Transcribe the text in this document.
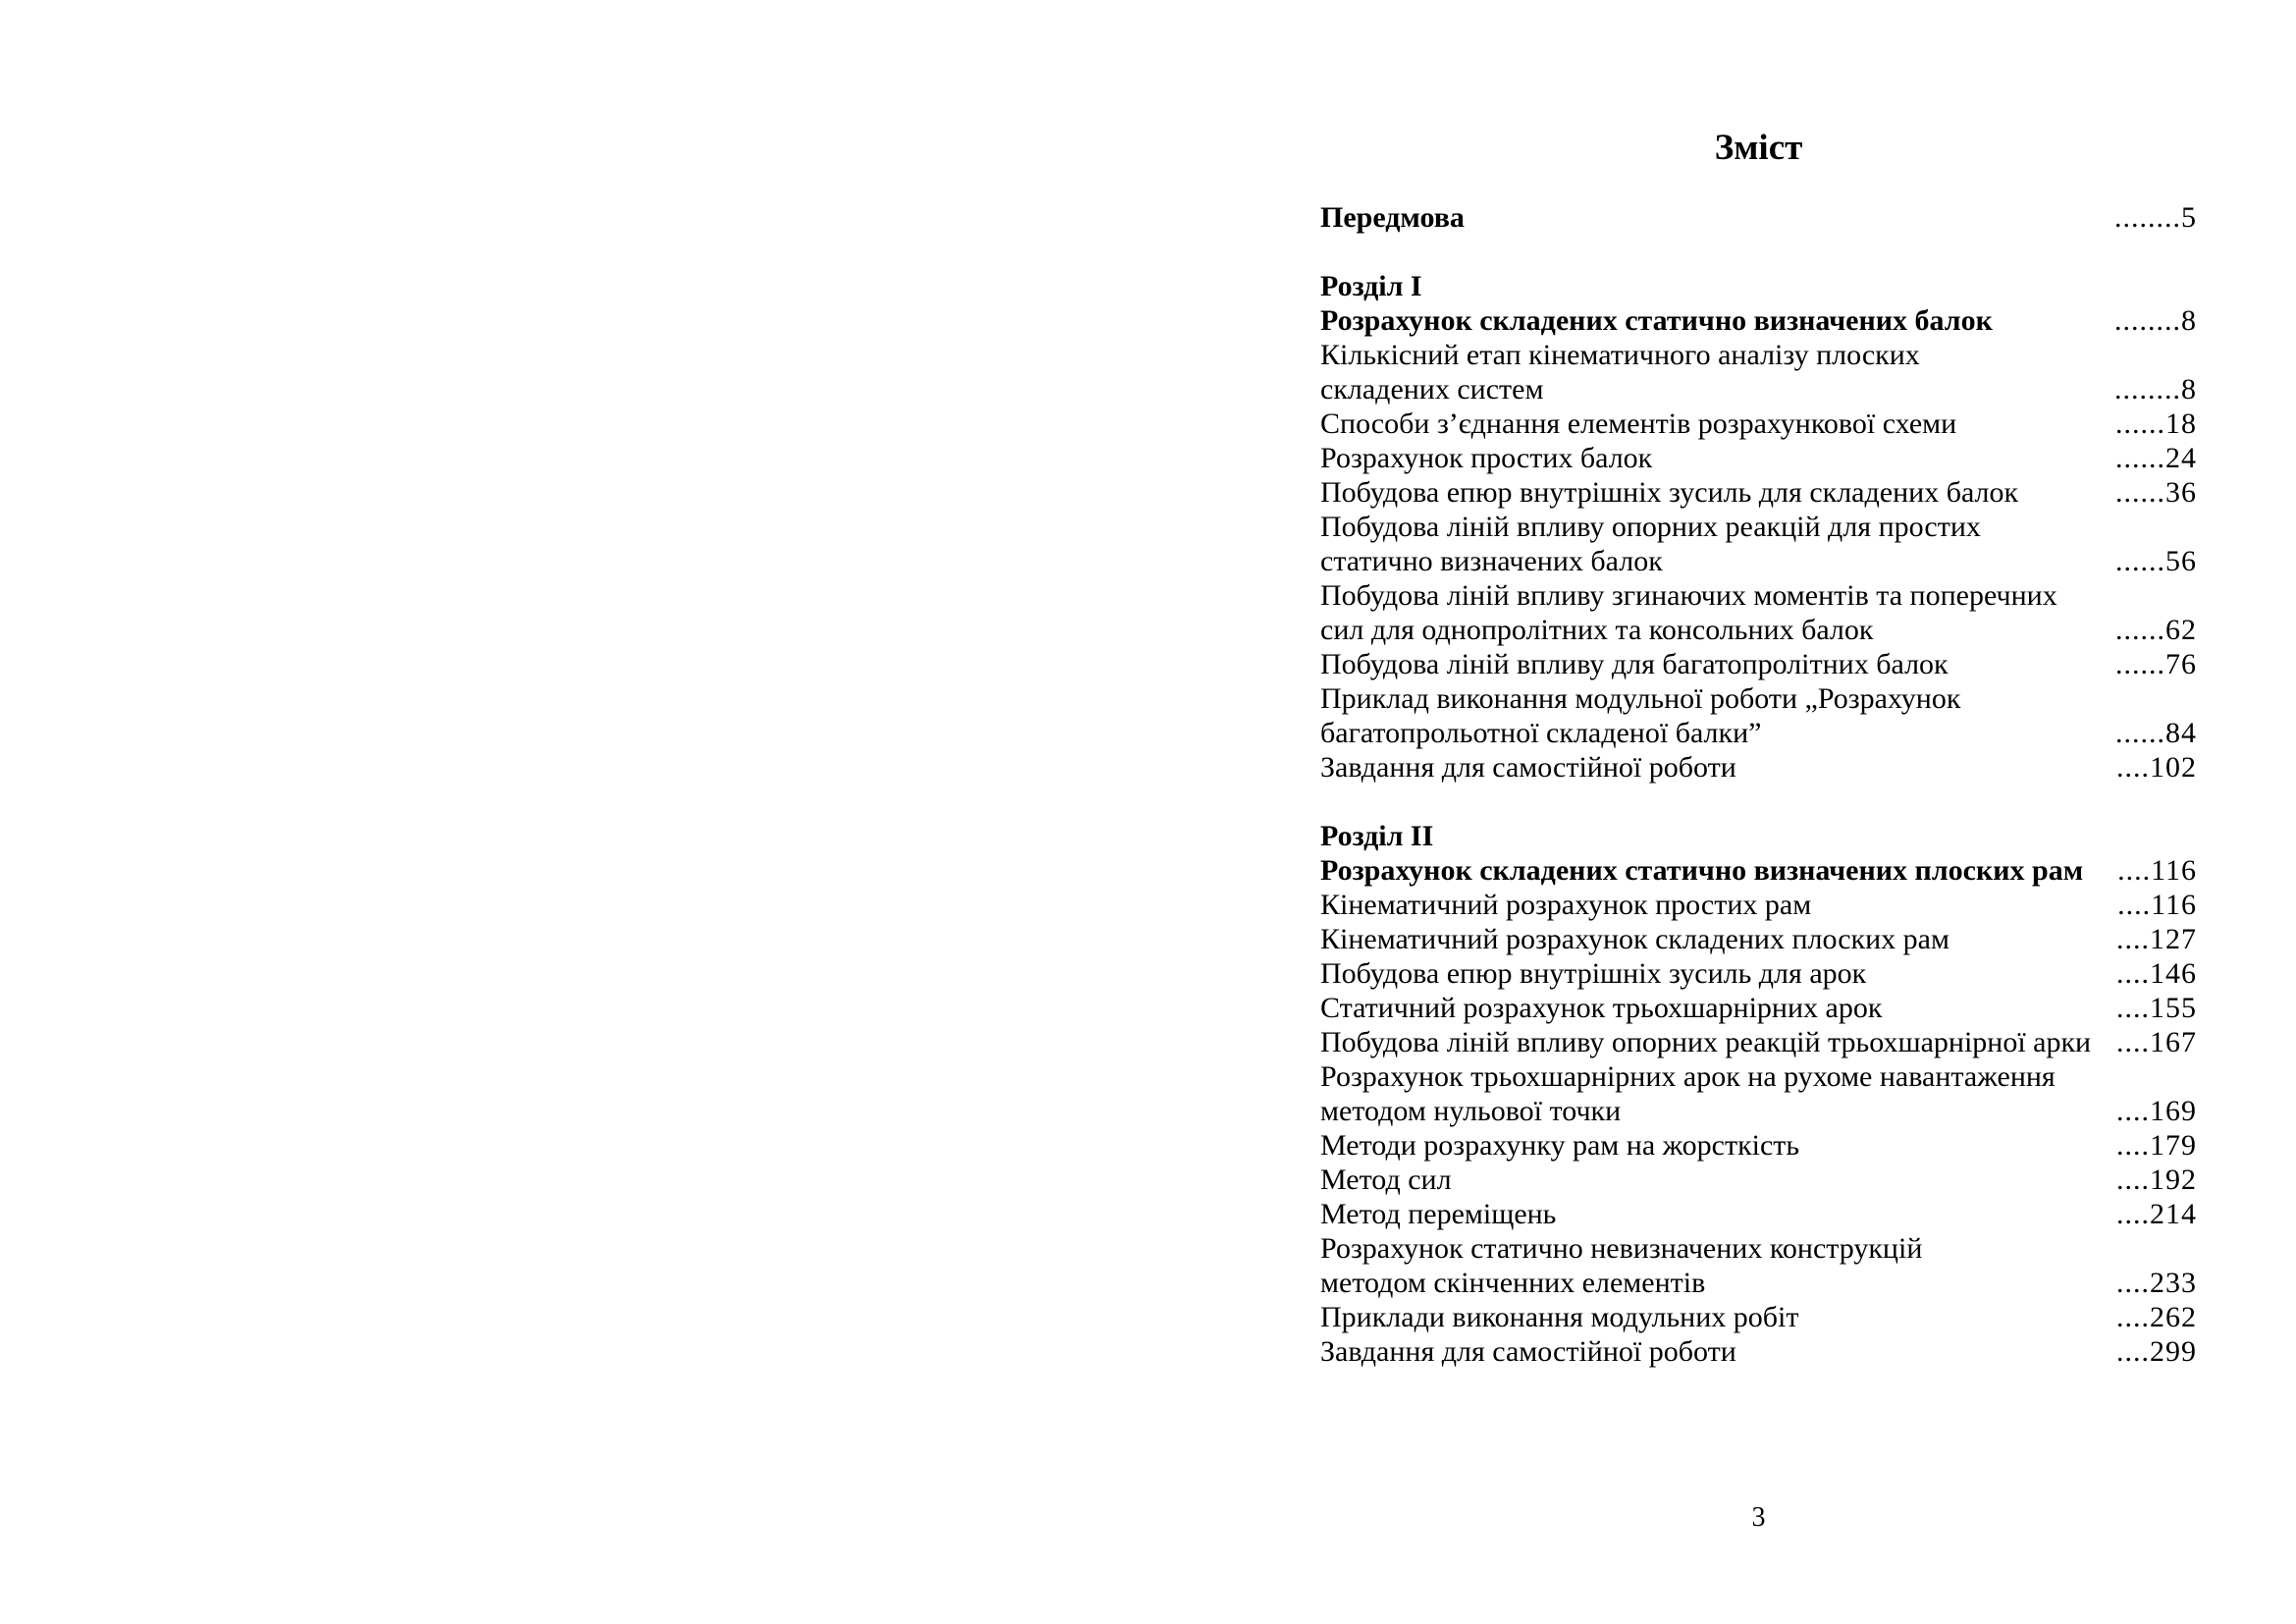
Зміст
Передмова	........5
Розділ I
Розрахунок складених статично визначених балок	........8
Кількісний етап кінематичного аналізу плоских
складених систем	........8
Способи з’єднання елементів розрахункової схеми	......18
Розрахунок простих балок	......24
Побудова епюр внутрішніх зусиль для складених балок	......36
Побудова ліній впливу опорних реакцій для простих
статично визначених балок	......56
Побудова ліній впливу згинаючих моментів та поперечних
сил для однопролітних та консольних балок	......62
Побудова ліній впливу для багатопролітних балок	......76
Приклад виконання модульної роботи „Розрахунок
багатопрольотної складеної балки”	......84
Завдання для самостійної роботи	....102
Розділ II
Розрахунок складених статично визначених плоских рам ....116
Кінематичний розрахунок простих рам	....116
Кінематичний розрахунок складених плоских рам	....127
Побудова епюр внутрішніх зусиль для арок	....146
Статичний розрахунок трьохшарнірних арок	....155
Побудова ліній впливу опорних реакцій трьохшарнірної арки ....167
Розрахунок трьохшарнірних арок на рухоме навантаження
методом нульової точки	....169
Методи розрахунку рам на жорсткість	....179
Метод сил	....192
Метод переміщень	....214
Розрахунок статично невизначених конструкцій
методом скінченних елементів	....233
Приклади виконання модульних робіт	....262
Завдання для самостійної роботи	....299
3
